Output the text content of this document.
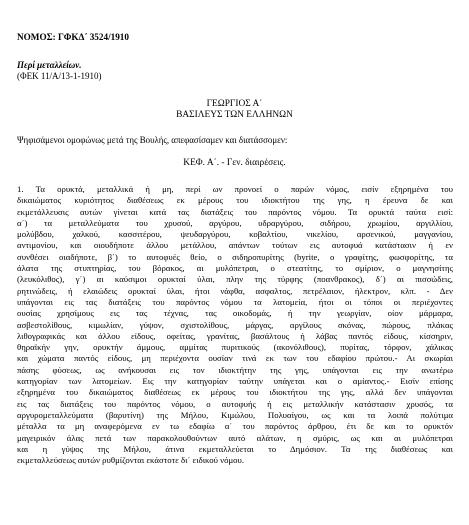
ΝΟΜΟΣ: ΓΦΚΔ΄ 3524/1910
Περί μεταλλείων.
(ΦΕΚ 11/Α/13-1-1910)
ΓΕΩΡΓΙΟΣ Α΄
ΒΑΣΙΛΕΥΣ ΤΩΝ ΕΛΛΗΝΩΝ
Ψηφισάμενοι ομοφώνως μετά της Βουλής, απεφασίσαμεν και διατάσσομεν:
ΚΕΦ. Α΄. - Γεν. διαιρέσεις.
1. Τα ορυκτά, μεταλλικά ή μη, περί ων προνοεί ο παρών νόμος, εισίν εξηρημένα του
δικαιώματος κυριότητος διαθέσεως εκ μέρους του ιδιοκτήτου της γης, η έρευνα δε και
εκμετάλλευσις αυτών γίνεται κατά τας διατάξεις του παρόντος νόμου. Τα ορυκτά ταύτα εισί:
α΄) τα μεταλλεύματα του χρυσού, αργύρου, υδραργύρου, σιδήρου, χρωμίου, αργιλλίου,
μολύβδου, χαλκού, κασσιτέρου, ψευδαργύρου, κοβαλτίου, νικελίου, αρσενικού, μαγγανίου,
αντιμονίου, και οιουδήποτε άλλου μετάλλου, απάντων τούτων εις αυτοφυά κατάστασιν ή εν
συνθέσει οιαδήποτε, β΄) το αυτοφυές θείο, ο σιδηροπυρίτης (byrite, o γραφίτης, φωσφορίτης, τα
άλατα της στυπτηρίας, του βόρακος, αι μυλόπετραι, ο στεατίτης, το σμίριον, ο μαγνησίτης
(λευκόλιθος), γ΄) αι καύσιμοι ορυκταί ύλαι, πλην της τύρφης (ποανθρακος), δ΄) αι πισσώδεις,
ρητινώδεις, ή ελαιώδεις ορυκταί ύλαι, ήτοι νάφθα, ασφαλτος, πετρέλαιον, ήλεκτρον, κλπ. - Δεν
υπάγονται εις τας διατάξεις του παρόντος νόμου τα λατομεία, ήτοι οι τόποι οι περιέχοντες
ουσίας χρησίμους εις τας τέχνας, τας οικοδομάς, ή την γεωργίαν, οίον μάρμαρα,
ασβεστολίθους, κιμωλίαν, γύψον, σχιστολίθους, μάργας, αργίλους σκόνας, πώρους, πλάκας
λιθογραφικάς και άλλου είδους, οφείτας, γρανίτας, βασάλτους ή λάβας παντός είδους, κίσσηριν,
θηραϊκήν γην, ορυκτήν άμμους, αμμίτας πυριτικούς (ακονόλιθους), πυρίτας, τόρφον, χάλικας
και χώματα παντός είδους, μη περιέχοντα ουσίαν τινά εκ των του εδαφίου πρώτου.- Αι σκωρίαι
πάσης φύσεως, ως ανήκουσαι εις τον ιδιοκτήτην της γης, υπάγονται εις την ανωτέρω
κατηγορίαν των λατομείων. Εις την κατηγορίαν ταύτην υπάγεται και ο αμίαντος.- Εισίν επίσης
εξηρημένα του δικαιώματος διαθέσεως εκ μέρους του ιδιοκτήτου της γης, αλλά δεν υπάγονται
εις τας διατάξεις του παρόντος νόμου, ο αυτοφυής ή εις μεταλλικήν κατάστασιν χρυσός, τα
αργυρομεταλλεύματα (βαρυτίνη) της Μήλου, Κιμώλου, Πολυαίγου, ως και τα λοιπά πολύτιμα
μέταλλα τα μη αναφερόμενα εν τω εδαφίω α΄ του παρόντος άρθρου, έτι δε και το ορυκτόν
μαγειρικόν άλας πετά των παρακολουθούντων αυτό αλάτων, η σμύρις, ως και αι μυλόπετραι
και η γύψος της Μήλου, άτινα εκμεταλλεύεται το Δημόσιον. Τα της διαθέσεως και
εκμεταλλεύσεως αυτών ρυθμίζονται εκάστοτε δι΄ ειδικού νόμου.
